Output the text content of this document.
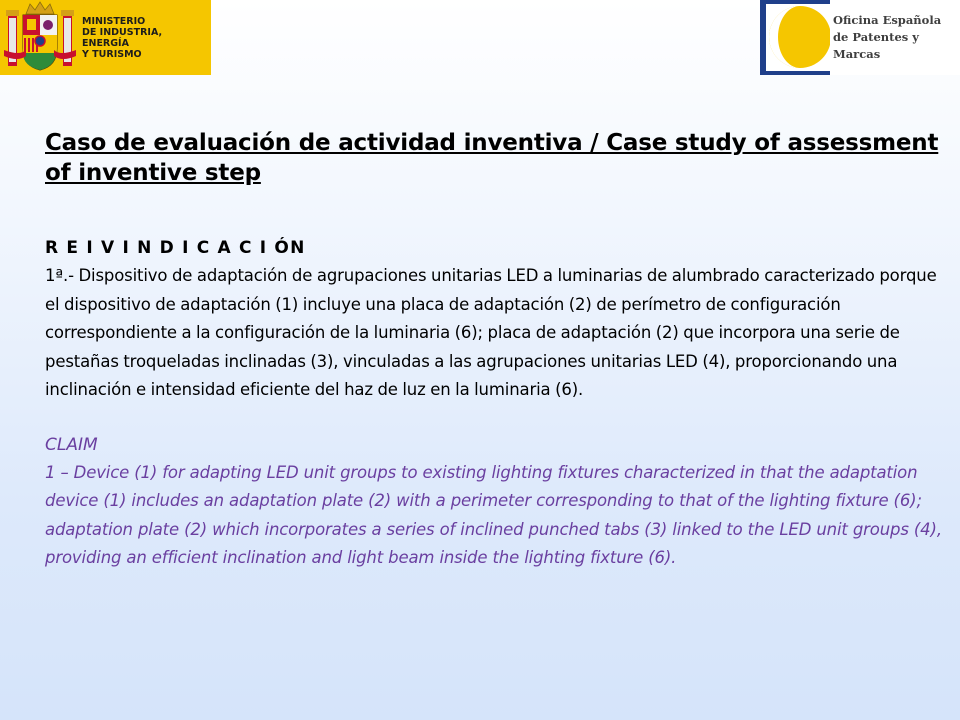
MINISTERIO
DE INDUSTRIA, ENERGÍA
Y TURISMO
Oficina Española
de Patentes y Marcas
Caso de evaluación de actividad inventiva / Case study of assessment of inventive step
R E I V I N D I C A C I ÓN

1ª.- Dispositivo de adaptación de agrupaciones unitarias LED a luminarias de alumbrado caracterizado porque el dispositivo de adaptación (1) incluye una placa de adaptación (2) de perímetro de configuración correspondiente a la configuración de la luminaria (6); placa de adaptación (2) que incorpora una serie de pestañas troqueladas inclinadas (3), vinculadas a las agrupaciones unitarias LED (4), proporcionando una inclinación e intensidad eficiente del haz de luz en la luminaria (6).

CLAIM

1 – Device (1) for adapting LED unit groups to existing lighting fixtures characterized in that the adaptation device (1) includes an adaptation plate (2) with a perimeter corresponding to that of the lighting fixture (6); adaptation plate (2) which incorporates a series of inclined punched tabs (3) linked to the LED unit groups (4), providing an efficient inclination and light beam inside the lighting fixture (6).
